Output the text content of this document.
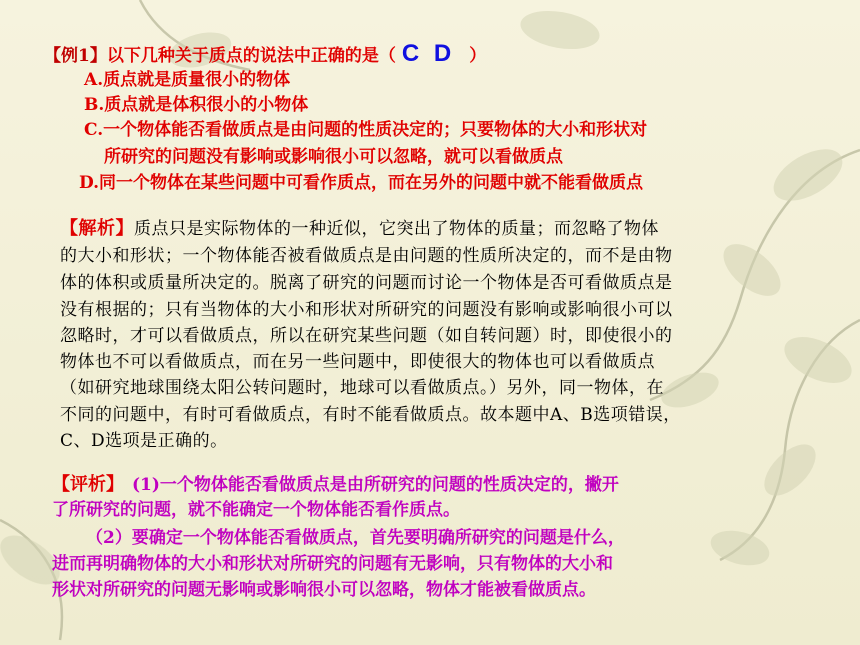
【例1】以下几种关于质点的说法中正确的是（ C D ）
A.质点就是质量很小的物体
B.质点就是体积很小的小物体
C.一个物体能否看做质点是由问题的性质决定的；只要物体的大小和形状对
所研究的问题没有影响或影响很小可以忽略，就可以看做质点
D.同一个物体在某些问题中可看作质点，而在另外的问题中就不能看做质点
【解析】质点只是实际物体的一种近似，它突出了物体的质量；而忽略了物体
的大小和形状；一个物体能否被看做质点是由问题的性质所决定的，而不是由物
体的体积或质量所决定的。脱离了研究的问题而讨论一个物体是否可看做质点是
没有根据的；只有当物体的大小和形状对所研究的问题没有影响或影响很小可以
忽略时，才可以看做质点，所以在研究某些问题（如自转问题）时，即使很小的
物体也不可以看做质点，而在另一些问题中，即使很大的物体也可以看做质点
（如研究地球围绕太阳公转问题时，地球可以看做质点。）另外，同一物体，在
不同的问题中，有时可看做质点，有时不能看做质点。故本题中A、B选项错误，
C、D选项是正确的。
【评析】 (1)一个物体能否看做质点是由所研究的问题的性质决定的，撇开
了所研究的问题，就不能确定一个物体能否看作质点。
（2）要确定一个物体能否看做质点，首先要明确所研究的问题是什么，
进而再明确物体的大小和形状对所研究的问题有无影响，只有物体的大小和
形状对所研究的问题无影响或影响很小可以忽略，物体才能被看做质点。
